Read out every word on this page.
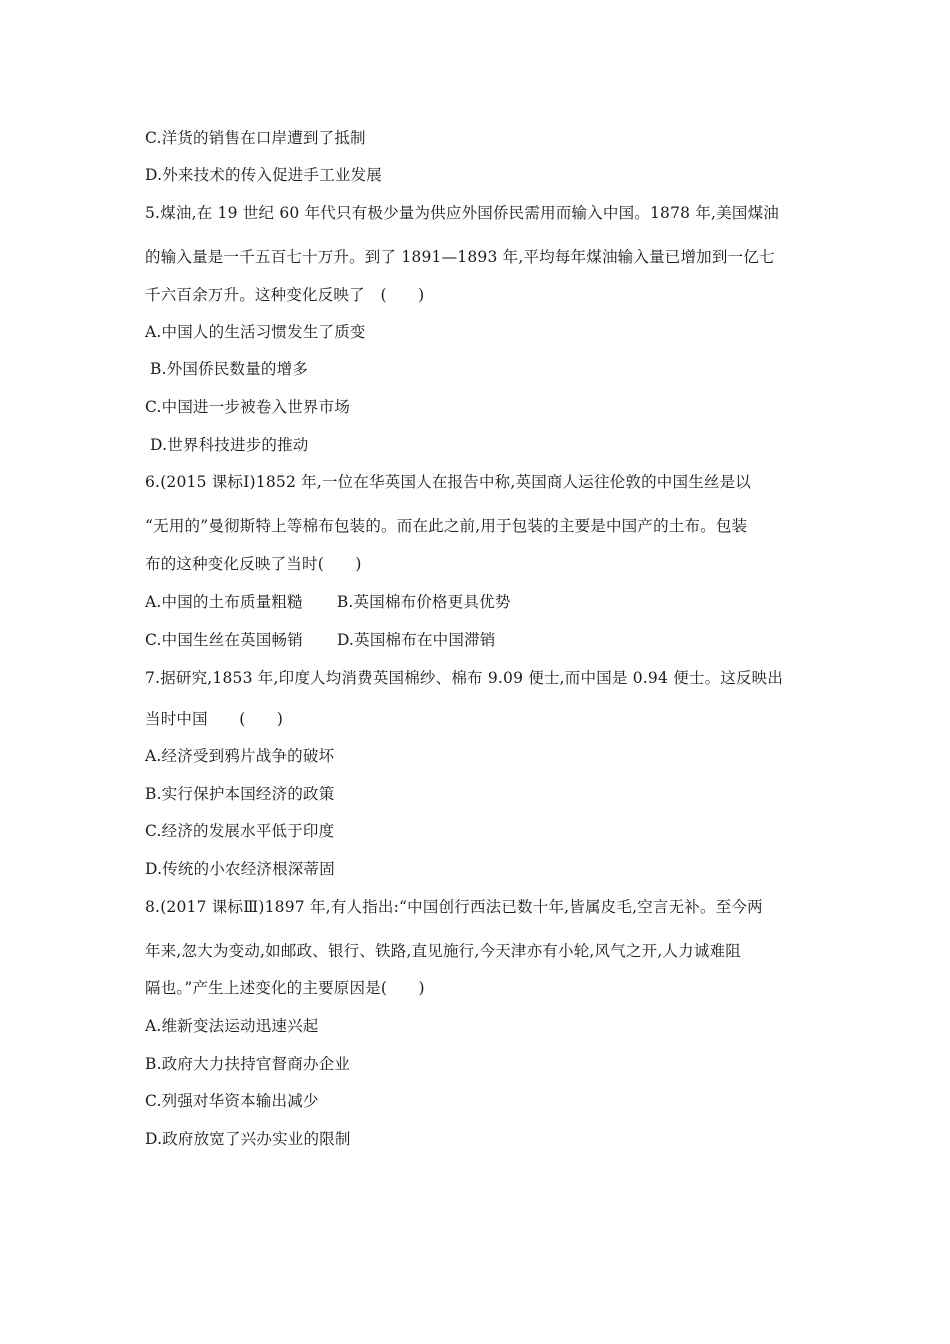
C.洋货的销售在口岸遭到了抵制
D.外来技术的传入促进手工业发展
5.煤油,在 19 世纪 60 年代只有极少量为供应外国侨民需用而输入中国。1878 年,美国煤油
的输入量是一千五百七十万升。到了 1891—1893 年,平均每年煤油输入量已增加到一亿七
千六百余万升。这种变化反映了　(　　)
A.中国人的生活习惯发生了质变
B.外国侨民数量的增多
C.中国进一步被卷入世界市场
D.世界科技进步的推动
6.(2015 课标Ⅰ)1852 年,一位在华英国人在报告中称,英国商人运往伦敦的中国生丝是以
“无用的”曼彻斯特上等棉布包装的。而在此之前,用于包装的主要是中国产的土布。包装
布的这种变化反映了当时(　　)
A.中国的土布质量粗糙 B.英国棉布价格更具优势
C.中国生丝在英国畅销 D.英国棉布在中国滞销
7.据研究,1853 年,印度人均消费英国棉纱、棉布 9.09 便士,而中国是 0.94 便士。这反映出
当时中国　　(　　)
A.经济受到鸦片战争的破坏
B.实行保护本国经济的政策
C.经济的发展水平低于印度
D.传统的小农经济根深蒂固
8.(2017 课标Ⅲ)1897 年,有人指出:“中国创行西法已数十年,皆属皮毛,空言无补。至今两
年来,忽大为变动,如邮政、银行、铁路,直见施行,今天津亦有小轮,风气之开,人力诚难阻
隔也。”产生上述变化的主要原因是(　　)
A.维新变法运动迅速兴起
B.政府大力扶持官督商办企业
C.列强对华资本输出减少
D.政府放宽了兴办实业的限制
